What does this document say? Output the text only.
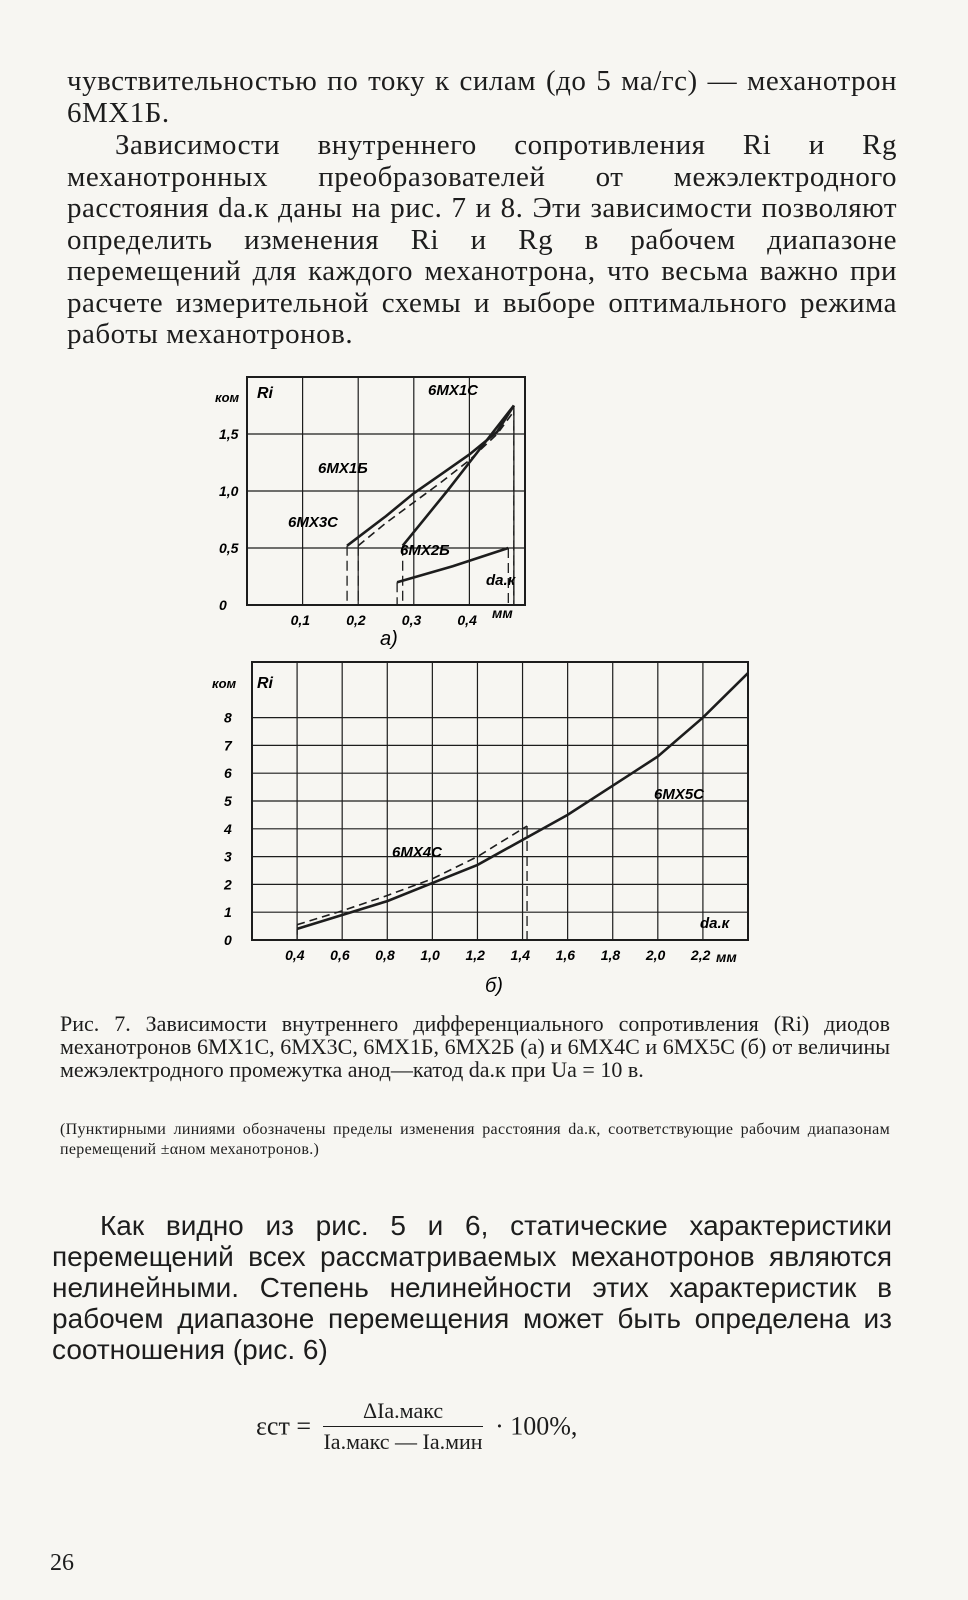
чувствительностью по току к силам (до 5 ма/гс) — механотрон 6МХ1Б.
Зависимости внутреннего сопротивления Ri и Rg механотронных преобразователей от межэлектродного расстояния dа.к даны на рис. 7 и 8. Эти зависимости позволяют определить изменения Ri и Rg в рабочем диапазоне перемещений для каждого механотрона, что весьма важно при расчете измерительной схемы и выборе оптимального режима работы механотронов.
0,1	0,2	0,3	0,4
0
0,5
1,0
1,5
ком Ri
dа.к
мм
а)
6МХ1С
6МХ1Б
6МХ3С
6МХ2Б
0,4 0,6 0,8 1,0 1,2 1,4 1,6 1,8 2,0 2,2
0
1
2
3
4
5
6
7
8
ком Ri
dа.к
мм
б)
6МХ4С
6МХ5С
Рис. 7. Зависимости внутреннего дифференциального сопротивления (Ri) диодов механотронов 6МХ1С, 6МХ3С, 6МХ1Б, 6МХ2Б (а) и 6МХ4С и 6МХ5С (б) от величины межэлектродного промежутка анод—катод dа.к при Uа = 10 в.
(Пунктирными линиями обозначены пределы изменения расстояния dа.к, соответствующие рабочим диапазонам перемещений ±αном механотронов.)
Как видно из рис. 5 и 6, статические характеристики перемещений всех рассматриваемых механотронов являются нелинейными. Степень нелинейности этих характеристик в рабочем диапазоне перемещения может быть определена из соотношения (рис. 6)
εст =
ΔIа.макс
Iа.макс — Iа.мин
· 100%,
26
